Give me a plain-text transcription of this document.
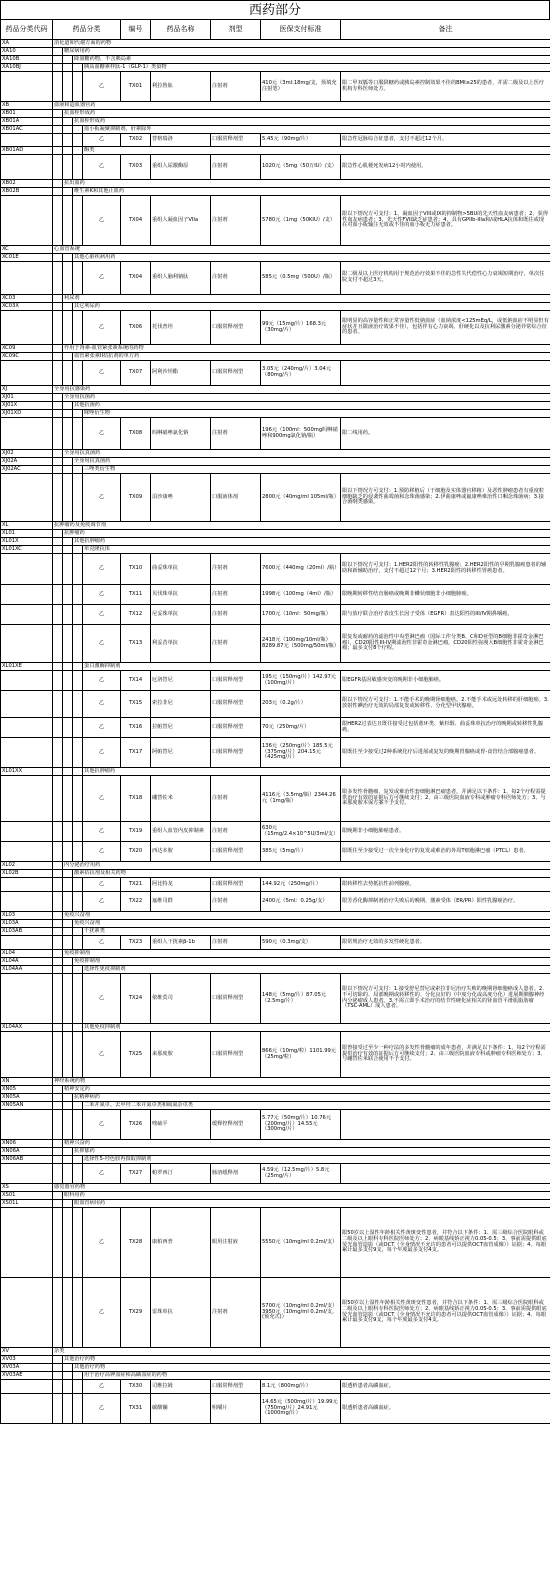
西药部分
药品分类代码	药品分类				编号	药品名称	剂型	医保支付标准	备注
XA	消化道和代谢方面的药物								
XA10		糖尿病用药							
XA10B			降血糖药物，不含胰岛素						
XA10BJ				胰高血糖素样肽-1（GLP-1）类似物					
				乙	TX01	利拉鲁肽	注射剂	410元（3ml:18mg/支，预填充注射笔）	限二甲双胍等口服降糖药或胰岛素控制效果不佳的BMI≥25的患者，并需二级及以上医疗机构专科医师处方。
XB	血液和造血器官药								
XB01		抗血栓形成药							
XB01A			抗血栓形成药						
XB01AC				血小板凝聚抑制剂，肝素除外					
				乙	TX02	替格瑞洛	口服常释剂型	5.45元（90mg/片）	限急性冠脉综合征患者，支付不超过12个月。
XB01AD				酶类					
				乙	TX03	重组人尿激酶原	注射剂	1020元（5mg（50万IU）/支）	限急性心肌梗死发病12小时内使用。
XB02		抗出血药							
XB02B			维生素K和其他止血药						
				乙	TX04	重组人凝血因子VIIa	注射剂	5780元（1mg（50KIU）/支）	限以下情况方可支付：1、凝血因子VIII或IX的抑制物>5BU的先天性血友病患者；2、获得性血友病患者；3、先天性FVII缺乏症患者；4、具有GPIIb-IIIa和/或HLA抗体和既往或现在对血小板输注无效或不佳的血小板无力症患者。
XC	心血管系统								
XC01E			其他心脏疾病用药						
				乙	TX04	重组人脑利钠肽	注射剂	585元（0.5mg（500U）/瓶）	限二级及以上医疗机构用于规范治疗效果不佳的急性失代偿性心力衰竭短期治疗，单次住院支付不超过3天。
XC03		利尿剂							
XC03X			其它利尿药						
				乙	TX06	托伐普坦	口服常释剂型	99元（15mg/片）168.3元（30mg/片）	限明显的高容量性和正常容量性低钠血症（血钠浓度<125mEq/L，或低钠血症不明显但有症状并且限液治疗效果不佳），包括伴有心力衰竭、肝硬化以及抗利尿激素分泌异常综合征的患者。
XC09		作用于肾素-血管紧张素系统的药物							
XC09C			血管紧张素II拮抗剂的单方药						
				乙	TX07	阿利沙坦酯	口服常释剂型	3.05元（240mg/片）3.04元（80mg/片）	
XJ	全身用抗感染药								
XJ01		全身用抗菌药							
XJ01X			其他抗菌药						
XJ01XD				咪唑衍生物					
				乙	TX08	吗啉硝唑氯化钠	注射剂	196元（100ml：500mg吗啉硝唑和900mg氯化钠/瓶）	限二线用药。
XJ02		全身用抗真菌药							
XJ02A			全身用抗真菌药						
XJ02AC				三唑类衍生物					
				乙	TX09	泊沙康唑	口服液体剂	2800元（40mg/ml 105ml/瓶）	限以下情况方可支付：1.预防移植后（干细胞及实体器官移植）及恶性肿瘤患者有重度粒细胞缺乏的侵袭性曲霉菌和念珠菌感染；2.伊曲康唑或氟康唑难治性口咽念珠菌病；3.接合菌纲类感染。
XL	抗肿瘤药及免疫调节剂								
XL01		抗肿瘤药							
XL01X			其他抗肿瘤药						
XL01XC				单克隆抗体					
				乙	TX10	曲妥珠单抗	注射剂	7600元（440mg（20ml）/瓶）	限以下情况方可支付：1.HER2阳性的转移性乳腺癌；2.HER2阳性的早期乳腺癌患者的辅助和新辅助治疗，支付不超过12个月；3.HER2阳性的转移性胃癌患者。
				乙	TX11	贝伐珠单抗	注射剂	1998元（100mg（4ml）/瓶）	限晚期转移性结直肠癌或晚期非鳞状细胞非小细胞肺癌。
				乙	TX12	尼妥珠单抗	注射剂	1700元（10ml：50mg/瓶）	限与放疗联合治疗表皮生长因子受体（EGFR）表达阳性的III/IV期鼻咽癌。
				乙	TX13	利妥昔单抗	注射剂	2418元（100mg/10ml/瓶）8289.87元（500mg/50ml/瓶）	限复发或耐药的滤泡性中央型淋巴瘤（国际工作分类B、C和D亚型的B细胞非霍奇金淋巴瘤），CD20阳性III-IV期滤泡性非霍奇金淋巴瘤，CD20阳性弥漫大B细胞性非霍奇金淋巴瘤；最多支付8个疗程。
XL01XE				蛋白激酶抑制剂					
				乙	TX14	厄洛替尼	口服常释剂型	195元（150mg/片）142.97元（100mg/片）	限EGFR基因敏感突变的晚期非小细胞肺癌。
				乙	TX15	索拉非尼	口服常释剂型	203元（0.2g/片）	限以下情况方可支付：1.不能手术的晚期肾细胞癌。2.不能手术或远处转移的肝细胞癌。3.放射性碘治疗无效的局部复发或转移性、分化型甲状腺癌。
				乙	TX16	拉帕替尼	口服常释剂型	70元（250mg/片）	限HER2过表达且既往接受过包括蒽环类、紫杉醇、曲妥珠单抗治疗的晚期或转移性乳腺癌。
				乙	TX17	阿帕替尼	口服常释剂型	136元（250mg/片）185.5元（375mg/片）204.15元（425mg/片）	限既往至少接受过2种系统化疗后进展或复发的晚期胃腺癌或胃-食管结合部腺癌患者。
XL01XX				其他抗肿瘤药					
				乙	TX18	硼替佐米	注射剂	4116元（3.5mg/瓶）2344.26元（1mg/瓶）	限多发性骨髓瘤、复发或难治性套细胞淋巴瘤患者，并满足以下条件：1、每2个疗程需提供治疗有效的证据后方可继续支付；2、由三级医院血液专科或肿瘤专科医师处方；3、与来那度胺本保方案不予支付。
				乙	TX19	重组人血管内皮抑制素	注射剂	630元（15mg/2.4×10^5U/3ml/支）	限晚期非小细胞肺癌患者。
				乙	TX20	西达本胺	口服常释剂型	385元（5mg/片）	限既往至少接受过一次全身化疗的复发或难治的外周T细胞淋巴瘤（PTCL）患者。
XL02		内分泌治疗用药							
XL02B			激素拮抗剂及相关药物						
				乙	TX21	阿比特龙	口服常释剂型	144.92元（250mg/片）	限转移性去势抵抗性前列腺癌。
				乙	TX22	氟维司群	注射剂	2400元（5ml：0.25g/支）	限芳香化酶抑制剂治疗失败后的晚期、激素受体（ER/PR）阳性乳腺癌治疗。
XL03		免疫兴奋剂							
XL03A			免疫兴奋剂						
XL03AB				干扰素类					
				乙	TX23	重组人干扰素β-1b	注射剂	590元（0.3mg/支）	限常规治疗无效的多发性硬化患者。
XL04		免疫抑制剂							
XL04A			免疫抑制剂						
XL04AA				选择性免疫抑制剂					
				乙	TX24	依维莫司	口服常释剂型	148元（5mg/片）87.05元（2.5mg/片）	限以下情况方可支付：1.接受舒尼替尼或索拉非尼治疗失败的晚期肾细胞癌成人患者。2.不可切除的、局部晚期或转移性的、分化良好的（中度分化或高度分化）进展期胰腺神经内分泌瘤成人患者。3.不需立即手术治疗的结节性硬化症相关的肾血管平滑肌脂肪瘤（TSC-AML）成人患者。
XL04AX				其他免疫抑制剂					
				乙	TX25	来那度胺	口服常释剂型	866元（10mg/粒）1101.99元（25mg/粒）	限曾接受过至少一种疗法的多发性骨髓瘤的成年患者，并满足以下条件：1、每2个疗程需提供治疗有效的证据后方可继续支付；2、由三级医院血液专科或肿瘤专科医师处方；3、与硼替佐米联合使用不予支付。
XN	神经系统药物								
XN05		精神安定药							
XN05A			抗精神病药						
XN05AN				二苯并氮卓、去甲羟二苯并氮卓类和硫氮杂卓类					
				乙	TX26	喹硫平	缓释控释剂型	5.77元（50mg/片）10.76元（200mg/片）14.55元（300mg/片）	
XN06		精神兴奋药							
XN06A			抗抑郁药						
XN06AB				选择性5-羟色胺再摄取抑制剂					
				乙	TX27	帕罗西汀	肠溶缓释剂	4.59元（12.5mg/片）5.8元（25mg/片）	
XS	感觉器官药物								
XS01		眼科用药							
XS01L			眼血管病用药						
				乙	TX28	康柏西普	眼用注射液	5550元（10mg/ml 0.2ml/支）	限50岁以上湿性年龄相关性黄斑变性患者，并符合以下条件：1、需三级综合医院眼科或二级及以上眼科专科医院医师处方；2、病眼基线矫正视力0.05-0.5；3、事前需提供眼底荧光血管造影（或OCT（全身情况不允许的患者可以提供OCT血管成像））证据；4、每眼累计最多支付9支，每个年度最多支付4支。
				乙	TX29	雷珠单抗	注射剂	5700元（10mg/ml 0.2ml/支）3950元（10mg/ml 0.2ml/支，(预充式)）	限50岁以上湿性年龄相关性黄斑变性患者，并符合以下条件：1、需三级综合医院眼科或二级及以上眼科专科医院医师处方；2、病眼基线矫正视力0.05-0.5；3、事前需提供眼底荧光血管造影（或OCT（全身情况不允许的患者可以提供OCT血管成像））证据；4、每眼累计最多支付9支，每个年度最多支付4支。
XV	杂类								
XV03		其他治疗药物							
XV03A			其他治疗药物						
XV03AE				用于治疗高钾血症和高磷血症的药物					
				乙	TX30	司维拉姆	口服常释剂型	8.1元（800mg/片）	限透析患者高磷血症。
				乙	TX31	碳酸镧	咀嚼片	14.65元（500mg/片）19.99元（750mg/片）24.91元（1000mg/片）	限透析患者高磷血症。
